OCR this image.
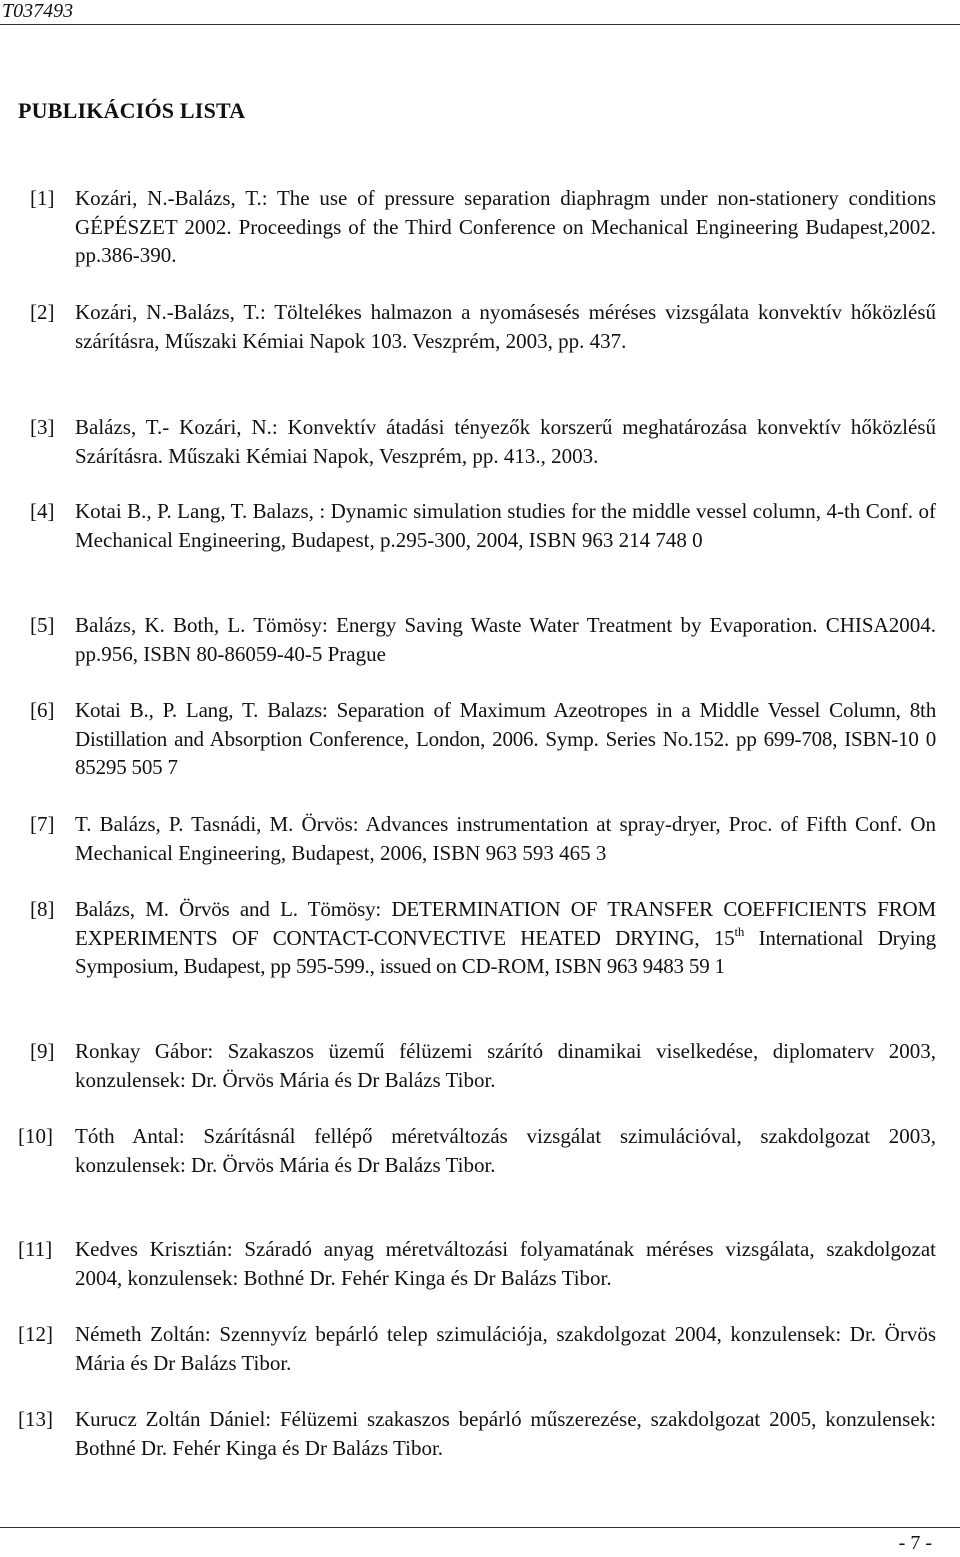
T037493
PUBLIKÁCIÓS LISTA
[1] Kozári, N.-Balázs, T.: The use of pressure separation diaphragm under non-stationery conditions GÉPÉSZET 2002. Proceedings of the Third Conference on Mechanical Engineering Budapest,2002. pp.386-390.
[2] Kozári, N.-Balázs, T.: Töltelékes halmazon a nyomásesés méréses vizsgálata konvektív hőközlésű szárításra, Műszaki Kémiai Napok 103. Veszprém, 2003, pp. 437.
[3] Balázs, T.- Kozári, N.: Konvektív átadási tényezők korszerű meghatározása konvektív hőközlésű Szárításra. Műszaki Kémiai Napok, Veszprém, pp. 413., 2003.
[4] Kotai B., P. Lang, T. Balazs, : Dynamic simulation studies for the middle vessel column, 4-th Conf. of Mechanical Engineering, Budapest, p.295-300, 2004, ISBN 963 214 748 0
[5] Balázs, K. Both, L. Tömösy: Energy Saving Waste Water Treatment by Evaporation. CHISA2004. pp.956, ISBN 80-86059-40-5 Prague
[6] Kotai B., P. Lang, T. Balazs: Separation of Maximum Azeotropes in a Middle Vessel Column, 8th Distillation and Absorption Conference, London, 2006. Symp. Series No.152. pp 699-708, ISBN-10 0 85295 505 7
[7] T. Balázs, P. Tasnádi, M. Örvös: Advances instrumentation at spray-dryer, Proc. of Fifth Conf. On Mechanical Engineering, Budapest, 2006, ISBN 963 593 465 3
[8] Balázs, M. Örvös and L. Tömösy: DETERMINATION OF TRANSFER COEFFICIENTS FROM EXPERIMENTS OF CONTACT-CONVECTIVE HEATED DRYING, 15th International Drying Symposium, Budapest, pp 595-599., issued on CD-ROM, ISBN 963 9483 59 1
[9] Ronkay Gábor: Szakaszos üzemű félüzemi szárító dinamikai viselkedése, diplomaterv 2003, konzulensek: Dr. Örvös Mária és Dr Balázs Tibor.
[10] Tóth Antal: Szárításnál fellépő méretváltozás vizsgálat szimulációval, szakdolgozat 2003, konzulensek: Dr. Örvös Mária és Dr Balázs Tibor.
[11] Kedves Krisztián: Száradó anyag méretváltozási folyamatának méréses vizsgálata, szakdolgozat 2004, konzulensek: Bothné Dr. Fehér Kinga és Dr Balázs Tibor.
[12] Németh Zoltán: Szennyvíz bepárló telep szimulációja, szakdolgozat 2004, konzulensek: Dr. Örvös Mária és Dr Balázs Tibor.
[13] Kurucz Zoltán Dániel: Félüzemi szakaszos bepárló műszerezése, szakdolgozat 2005, konzulensek: Bothné Dr. Fehér Kinga és Dr Balázs Tibor.
- 7 -
